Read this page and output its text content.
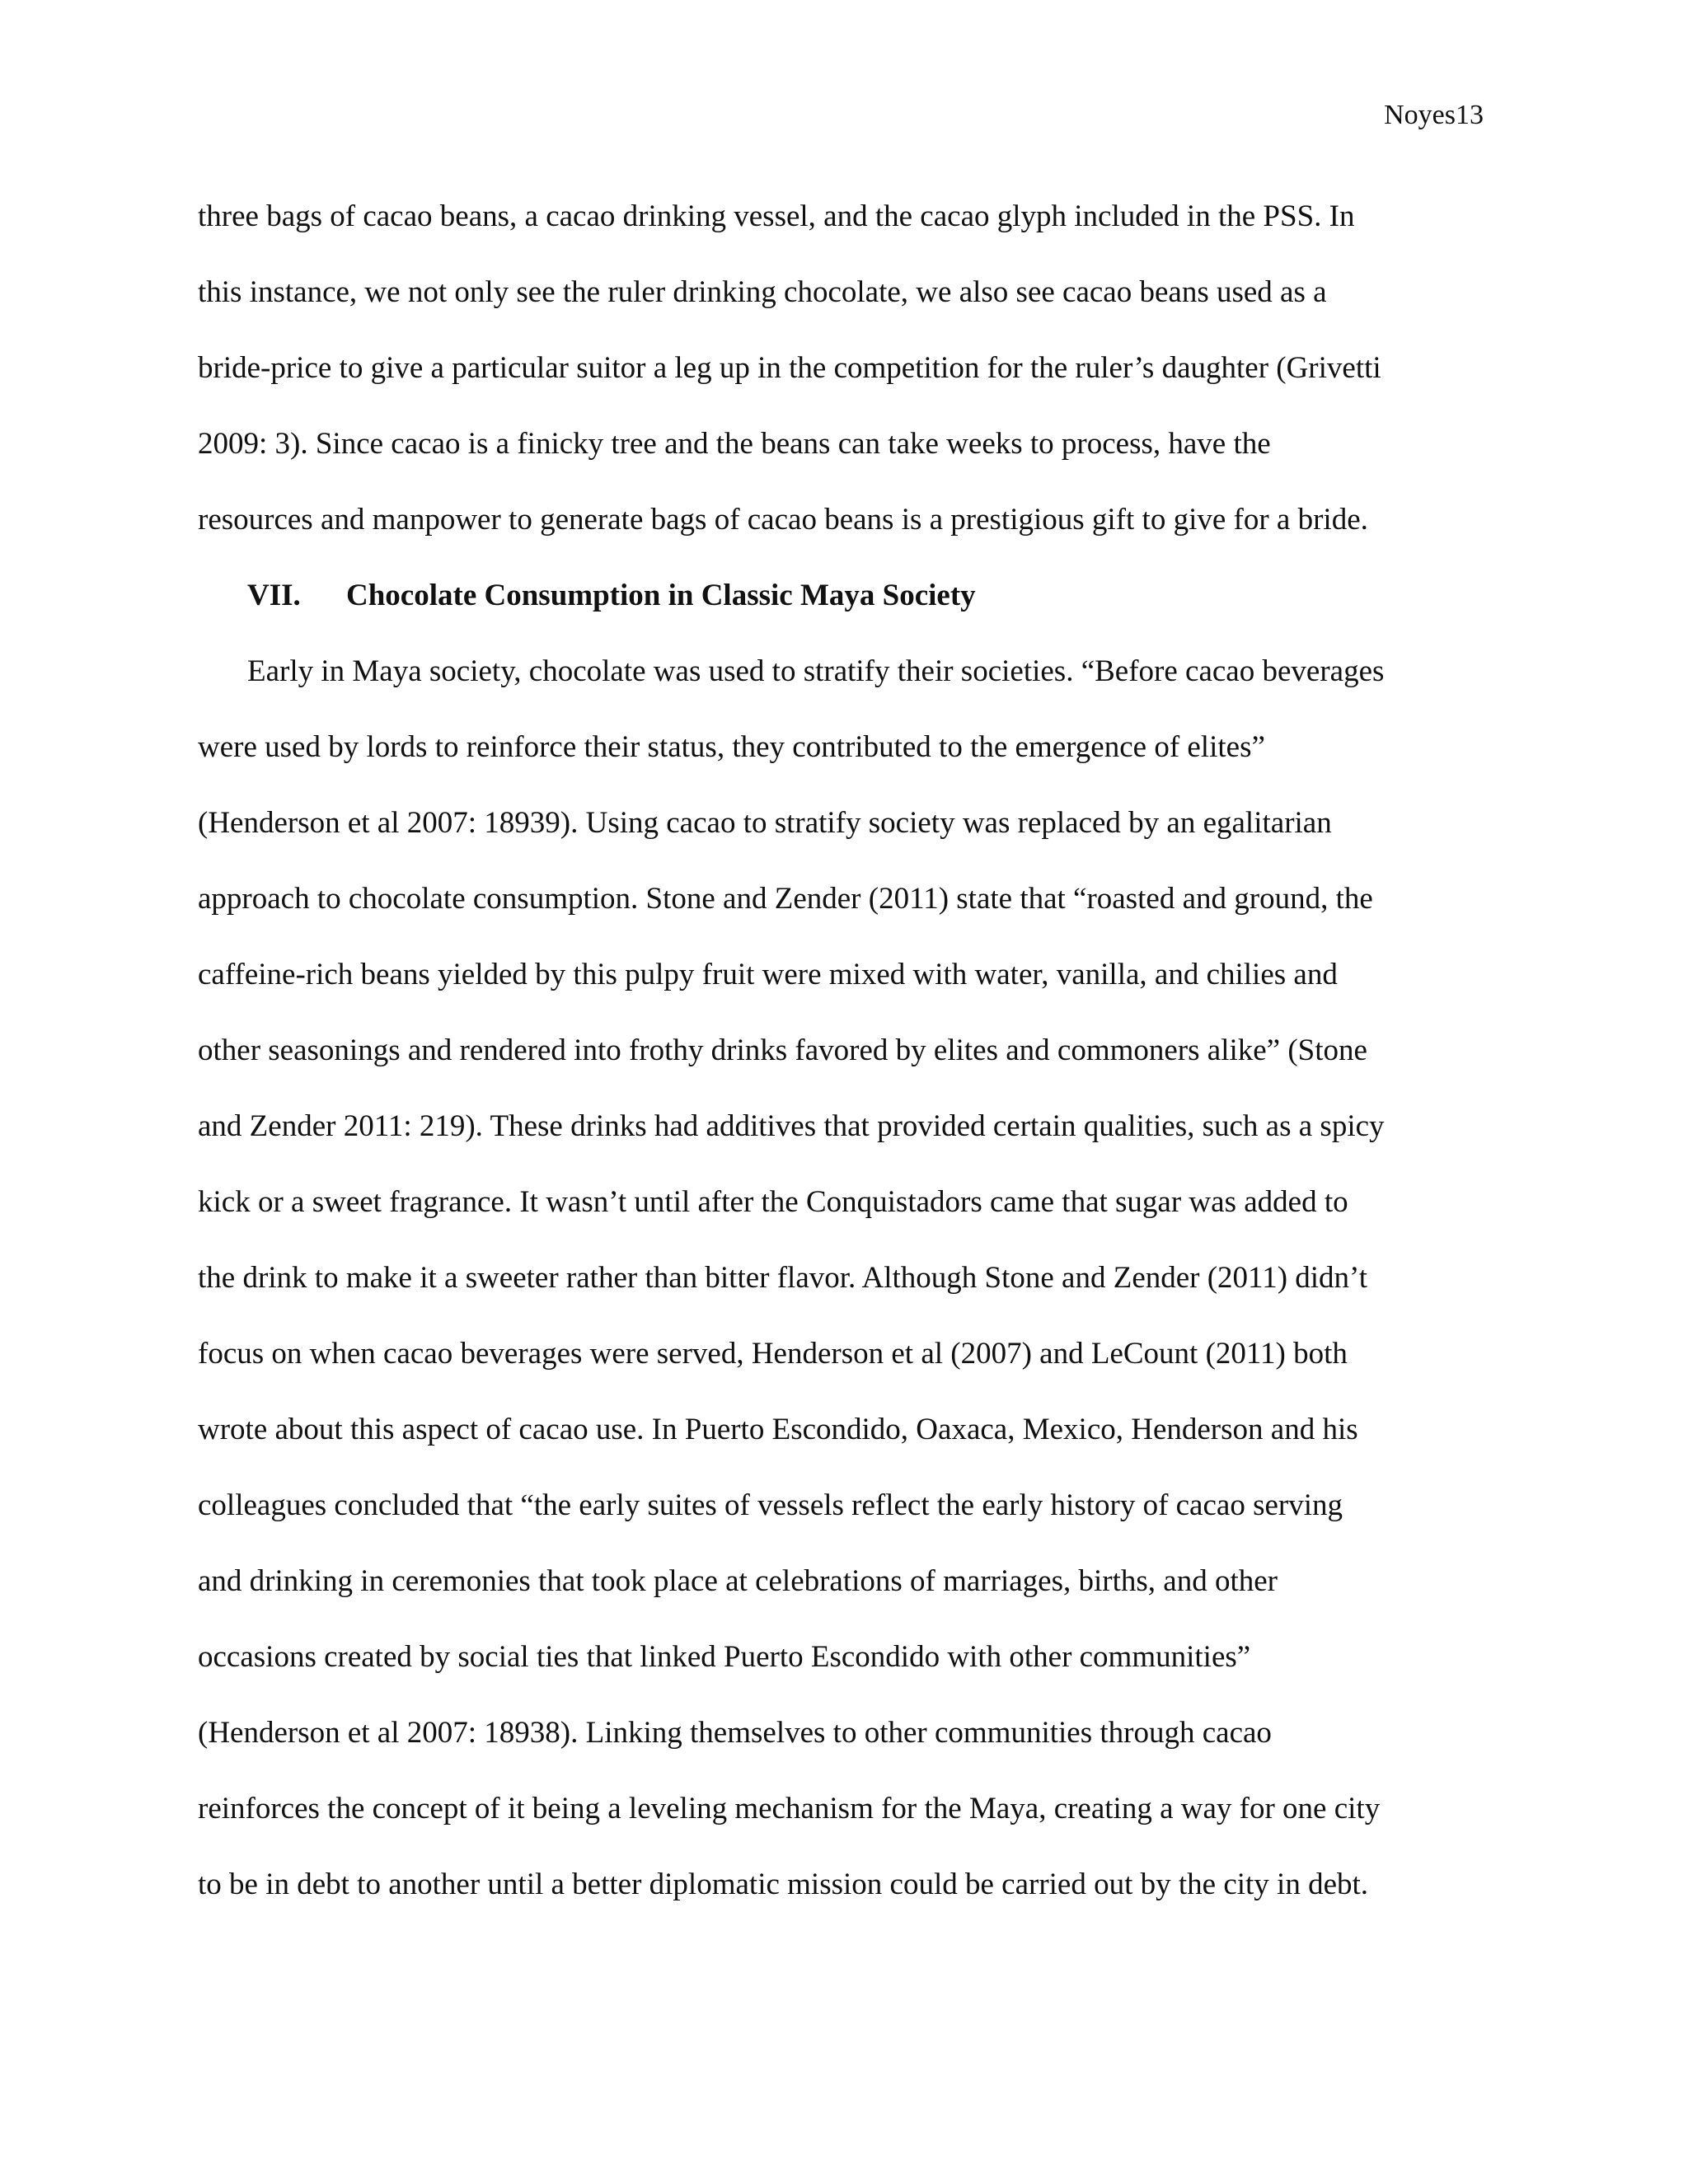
Noyes13
three bags of cacao beans, a cacao drinking vessel, and the cacao glyph included in the PSS. In
this instance, we not only see the ruler drinking chocolate, we also see cacao beans used as a
bride-price to give a particular suitor a leg up in the competition for the ruler’s daughter (Grivetti
2009: 3). Since cacao is a finicky tree and the beans can take weeks to process, have the
resources and manpower to generate bags of cacao beans is a prestigious gift to give for a bride.
VII. Chocolate Consumption in Classic Maya Society
Early in Maya society, chocolate was used to stratify their societies. “Before cacao beverages
were used by lords to reinforce their status, they contributed to the emergence of elites”
(Henderson et al 2007: 18939). Using cacao to stratify society was replaced by an egalitarian
approach to chocolate consumption. Stone and Zender (2011) state that “roasted and ground, the
caffeine-rich beans yielded by this pulpy fruit were mixed with water, vanilla, and chilies and
other seasonings and rendered into frothy drinks favored by elites and commoners alike” (Stone
and Zender 2011: 219). These drinks had additives that provided certain qualities, such as a spicy
kick or a sweet fragrance. It wasn’t until after the Conquistadors came that sugar was added to
the drink to make it a sweeter rather than bitter flavor. Although Stone and Zender (2011) didn’t
focus on when cacao beverages were served, Henderson et al (2007) and LeCount (2011) both
wrote about this aspect of cacao use. In Puerto Escondido, Oaxaca, Mexico, Henderson and his
colleagues concluded that “the early suites of vessels reflect the early history of cacao serving
and drinking in ceremonies that took place at celebrations of marriages, births, and other
occasions created by social ties that linked Puerto Escondido with other communities”
(Henderson et al 2007: 18938). Linking themselves to other communities through cacao
reinforces the concept of it being a leveling mechanism for the Maya, creating a way for one city
to be in debt to another until a better diplomatic mission could be carried out by the city in debt.
